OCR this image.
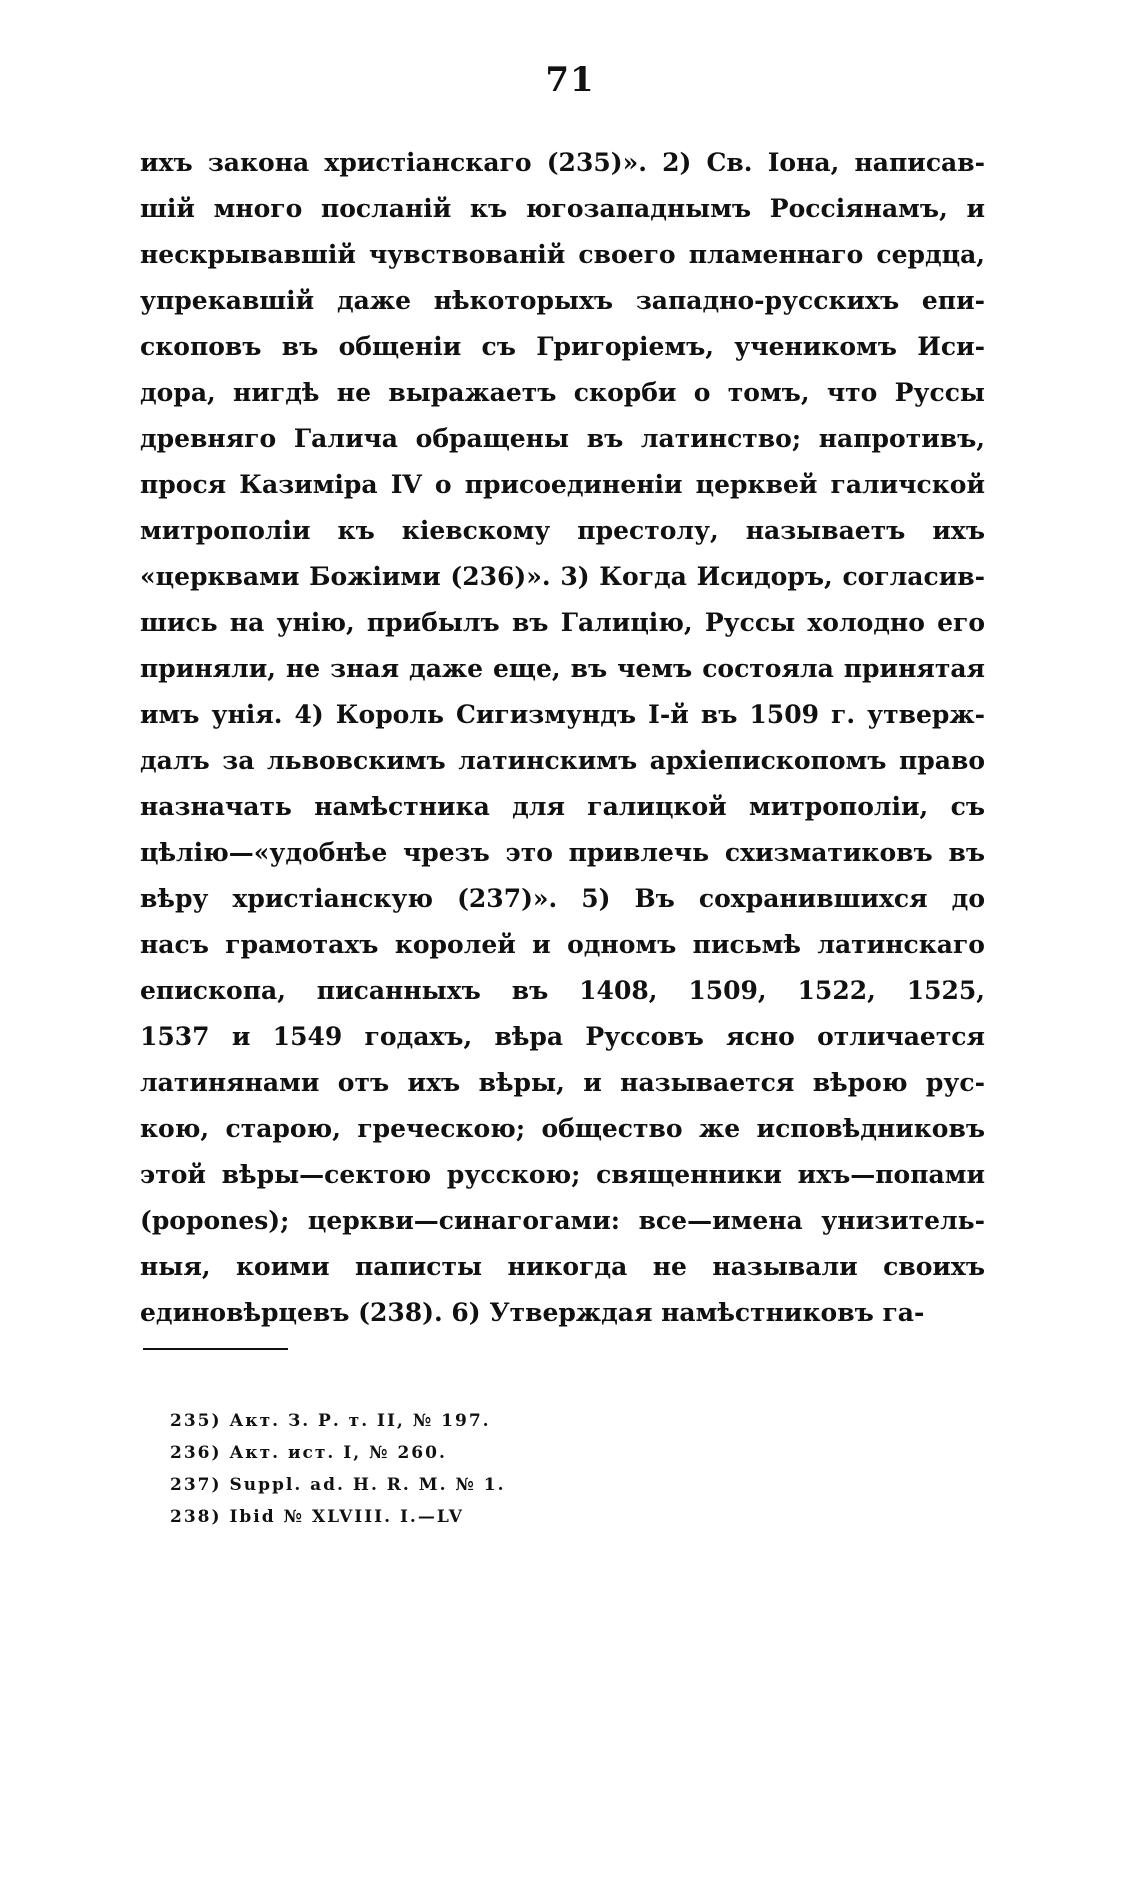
71
ихъ закона христіанскаго (235)». 2) Св. Іона, написав-
шій много посланій къ югозападнымъ Россіянамъ, и
нескрывавшій чувствованій своего пламеннаго сердца,
упрекавшій даже нѣкоторыхъ западно-русскихъ епи-
скоповъ въ общеніи съ Григоріемъ, ученикомъ Иси-
дора, нигдѣ не выражаетъ скорби о томъ, что Руссы
древняго Галича обращены въ латинство; напротивъ,
прося Казиміра IV о присоединеніи церквей галичской
митрополіи къ кіевскому престолу, называетъ ихъ
«церквами Божіими (236)». 3) Когда Исидоръ, согласив-
шись на унію, прибылъ въ Галицію, Руссы холодно его
приняли, не зная даже еще, въ чемъ состояла принятая
имъ унія. 4) Король Сигизмундъ I-й въ 1509 г. утверж-
далъ за львовскимъ латинскимъ архіепископомъ право
назначать намѣстника для галицкой митрополіи, съ
цѣлію—«удобнѣе чрезъ это привлечь схизматиковъ въ
вѣру христіанскую (237)». 5) Въ сохранившихся до
насъ грамотахъ королей и одномъ письмѣ латинскаго
епископа, писанныхъ въ 1408, 1509, 1522, 1525,
1537 и 1549 годахъ, вѣра Руссовъ ясно отличается
латинянами отъ ихъ вѣры, и называется вѣрою рус-
кою, старою, греческою; общество же исповѣдниковъ
этой вѣры—сектою русскою; священники ихъ—попами
(popones); церкви—синагогами: все—имена унизитель-
ныя, коими паписты никогда не называли своихъ
единовѣрцевъ (238). 6) Утверждая намѣстниковъ га-
235) Акт. З. Р. т. II, № 197.
236) Акт. ист. I, № 260.
237) Suppl. ad. H. R. M. № 1.
238) Ibid № XLVIII. I.—LV
